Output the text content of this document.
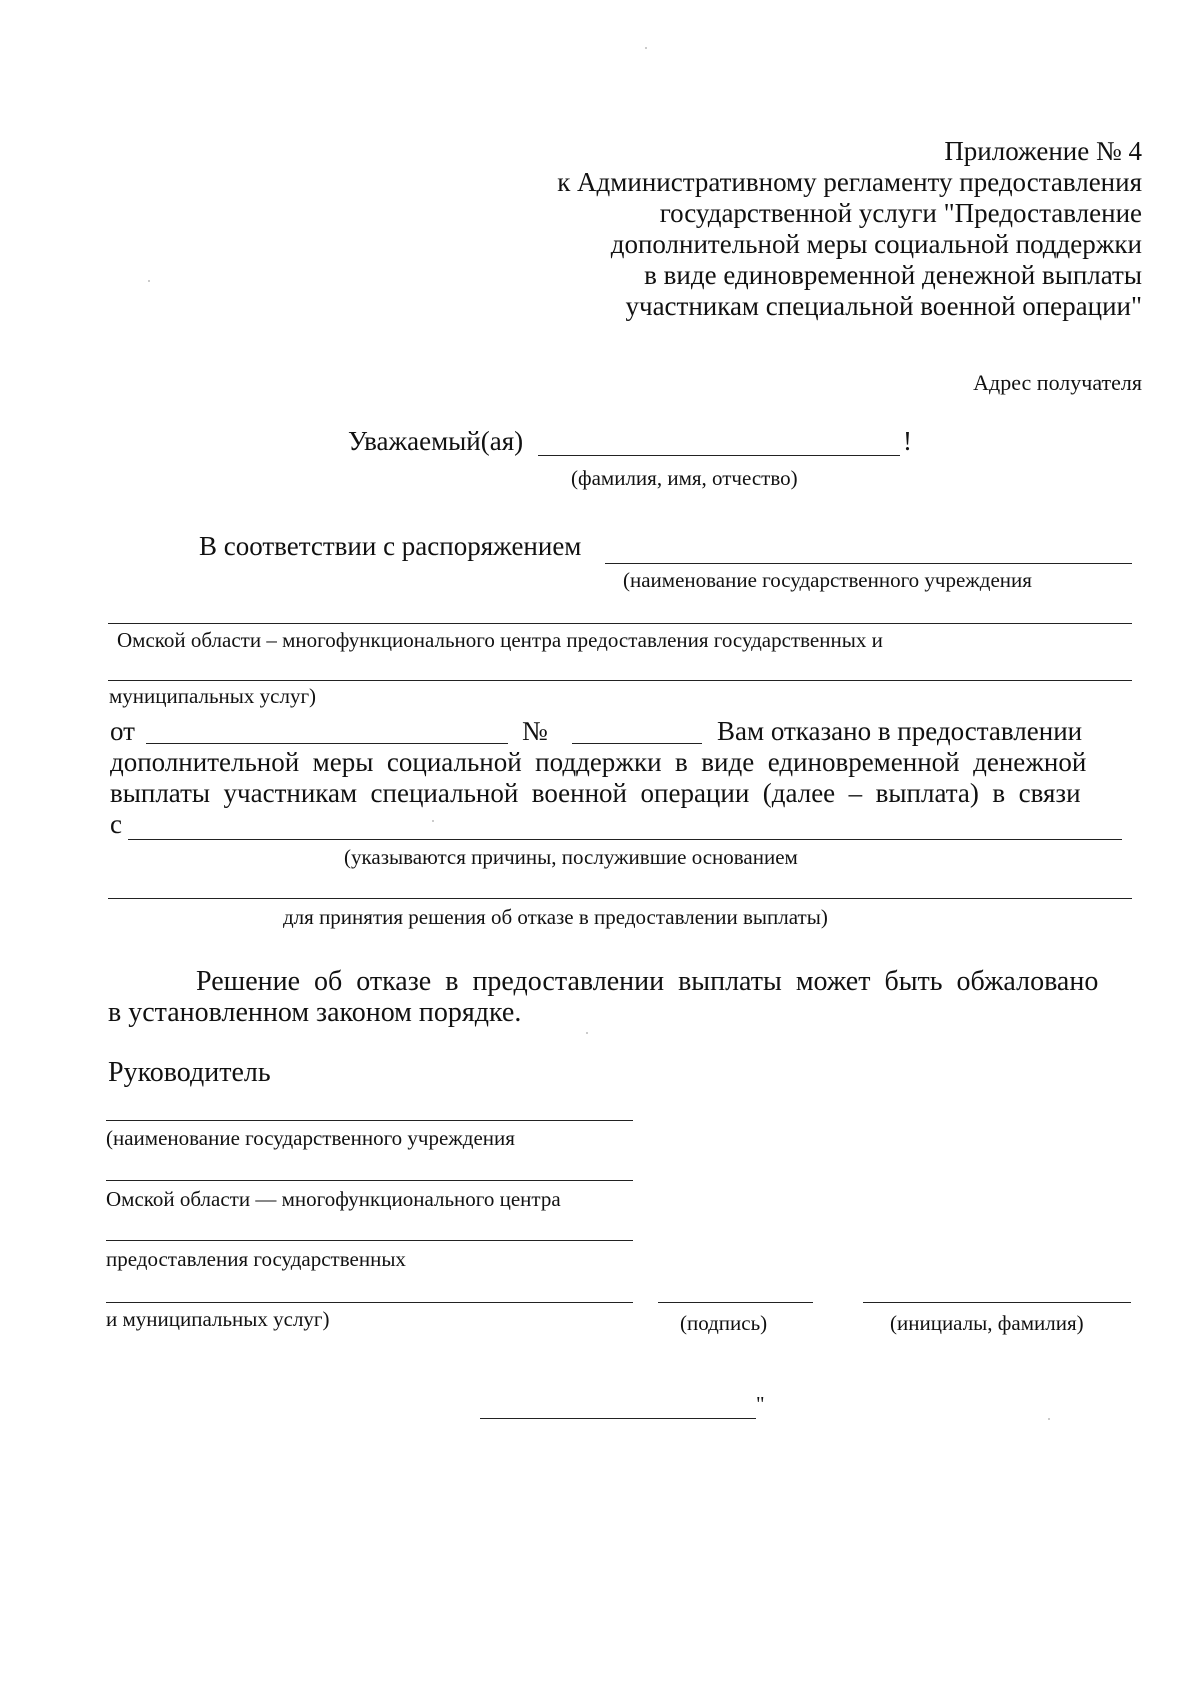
Приложение № 4
к Административному регламенту предоставления
государственной услуги "Предоставление
дополнительной меры социальной поддержки
в виде единовременной денежной выплаты
участникам специальной военной операции"
Адрес получателя
Уважаемый(ая)	!
(фамилия, имя, отчество)
В соответствии с распоряжением
(наименование государственного учреждения
Омской области – многофункционального центра предоставления государственных и
муниципальных услуг)
от	№	Вам отказано в предоставлении
дополнительной  меры  социальной  поддержки  в  виде  единовременной  денежной
выплаты  участникам  специальной  военной  операции  (далее  –  выплата)  в  связи
с
(указываются причины, послужившие основанием
для принятия решения об отказе в предоставлении выплаты)
Решение  об  отказе  в  предоставлении  выплаты  может  быть  обжаловано
в установленном законом порядке.
Руководитель
(наименование государственного учреждения
Омской области — многофункционального центра
предоставления государственных
и муниципальных услуг)	(подпись)	(инициалы, фамилия)
"
